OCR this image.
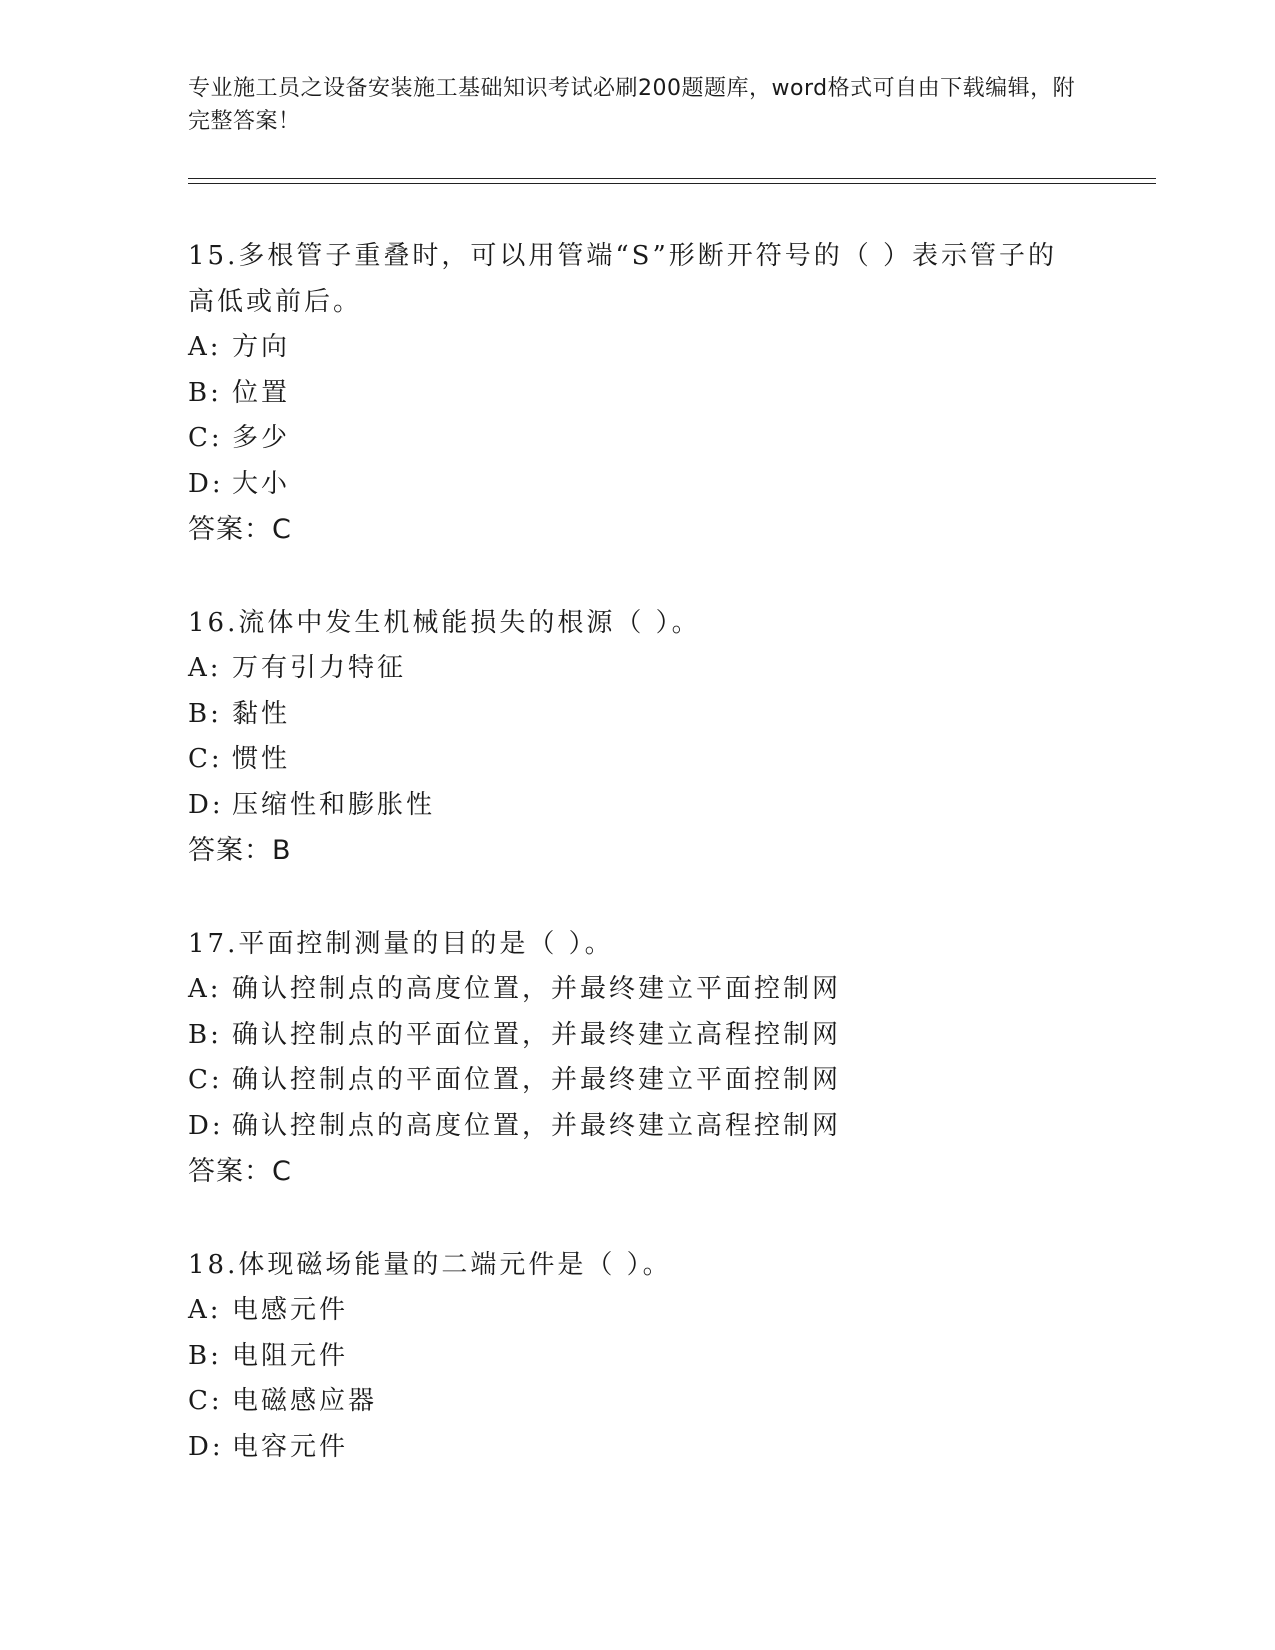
专业施工员之设备安装施工基础知识考试必刷200题题库，word格式可自由下载编辑，附完整答案！
15.多根管子重叠时，可以用管端“S”形断开符号的（ ）表示管子的高低或前后。
A: 方向
B: 位置
C: 多少
D: 大小
答案：C
16.流体中发生机械能损失的根源（ ）。
A: 万有引力特征
B: 黏性
C: 惯性
D: 压缩性和膨胀性
答案：B
17.平面控制测量的目的是（ ）。
A: 确认控制点的高度位置，并最终建立平面控制网
B: 确认控制点的平面位置，并最终建立高程控制网
C: 确认控制点的平面位置，并最终建立平面控制网
D: 确认控制点的高度位置，并最终建立高程控制网
答案：C
18.体现磁场能量的二端元件是（ ）。
A: 电感元件
B: 电阻元件
C: 电磁感应器
D: 电容元件
